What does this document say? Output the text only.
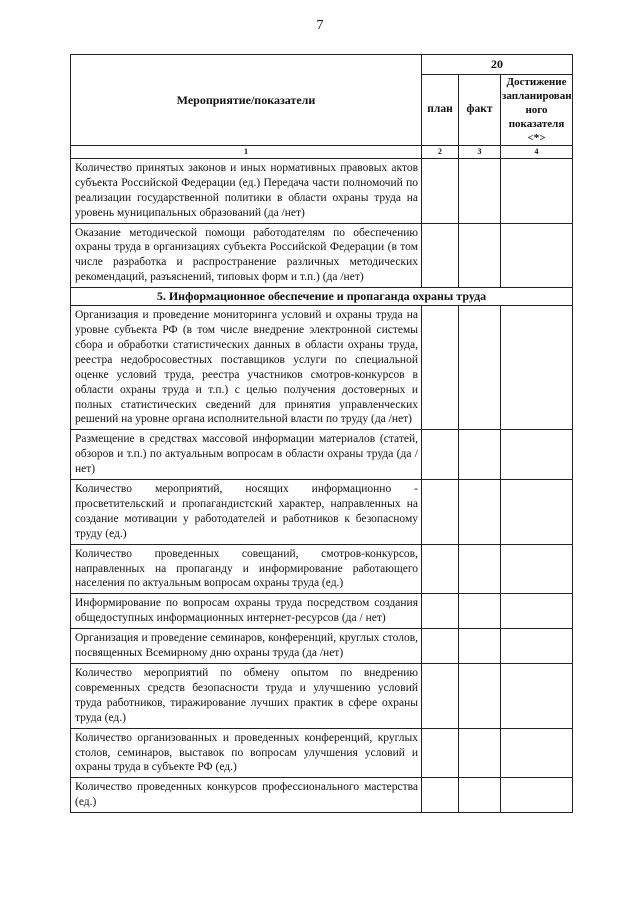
7
Мероприятие/показатели	20		
	план	факт	Достижение запланирован ного показателя <*>
1	2	3	4
Количество принятых законов и иных нормативных правовых актов субъекта Российской Федерации (ед.) Передача части полномочий по реализации государственной политики в области охраны труда на уровень муниципальных образований (да /нет)			
Оказание методической помощи работодателям по обеспечению охраны труда в организациях субъекта Российской Федерации (в том числе разработка и распространение различных методических рекомендаций, разъяснений, типовых форм и т.п.) (да /нет)			
5. Информационное обеспечение и пропаганда охраны труда			
Организация и проведение мониторинга условий и охраны труда на уровне субъекта РФ (в том числе внедрение электронной системы сбора и обработки статистических данных в области охраны труда, реестра недобросовестных поставщиков услуги по специальной оценке условий труда, реестра участников смотров-конкурсов в области охраны труда и т.п.) с целью получения достоверных и полных статистических сведений для принятия управленческих решений на уровне органа исполнительной власти по труду (да /нет)			
Размещение в средствах массовой информации материалов (статей, обзоров и т.п.) по актуальным вопросам в области охраны труда (да /нет)			
Количество мероприятий, носящих информационно - просветительский и пропагандистский характер, направленных на создание мотивации у работодателей и работников к безопасному труду (ед.)			
Количество проведенных совещаний, смотров-конкурсов, направленных на пропаганду и информирование работающего населения по актуальным вопросам охраны труда (ед.)			
Информирование по вопросам охраны труда посредством создания общедоступных информационных интернет-ресурсов (да / нет)			
Организация и проведение семинаров, конференций, круглых столов, посвященных Всемирному дню охраны труда (да /нет)			
Количество мероприятий по обмену опытом по внедрению современных средств безопасности труда и улучшению условий труда работников, тиражирование лучших практик в сфере охраны труда (ед.)			
Количество организованных и проведенных конференций, круглых столов, семинаров, выставок по вопросам улучшения условий и охраны труда в субъекте РФ (ед.)			
Количество проведенных конкурсов профессионального мастерства (ед.)			
